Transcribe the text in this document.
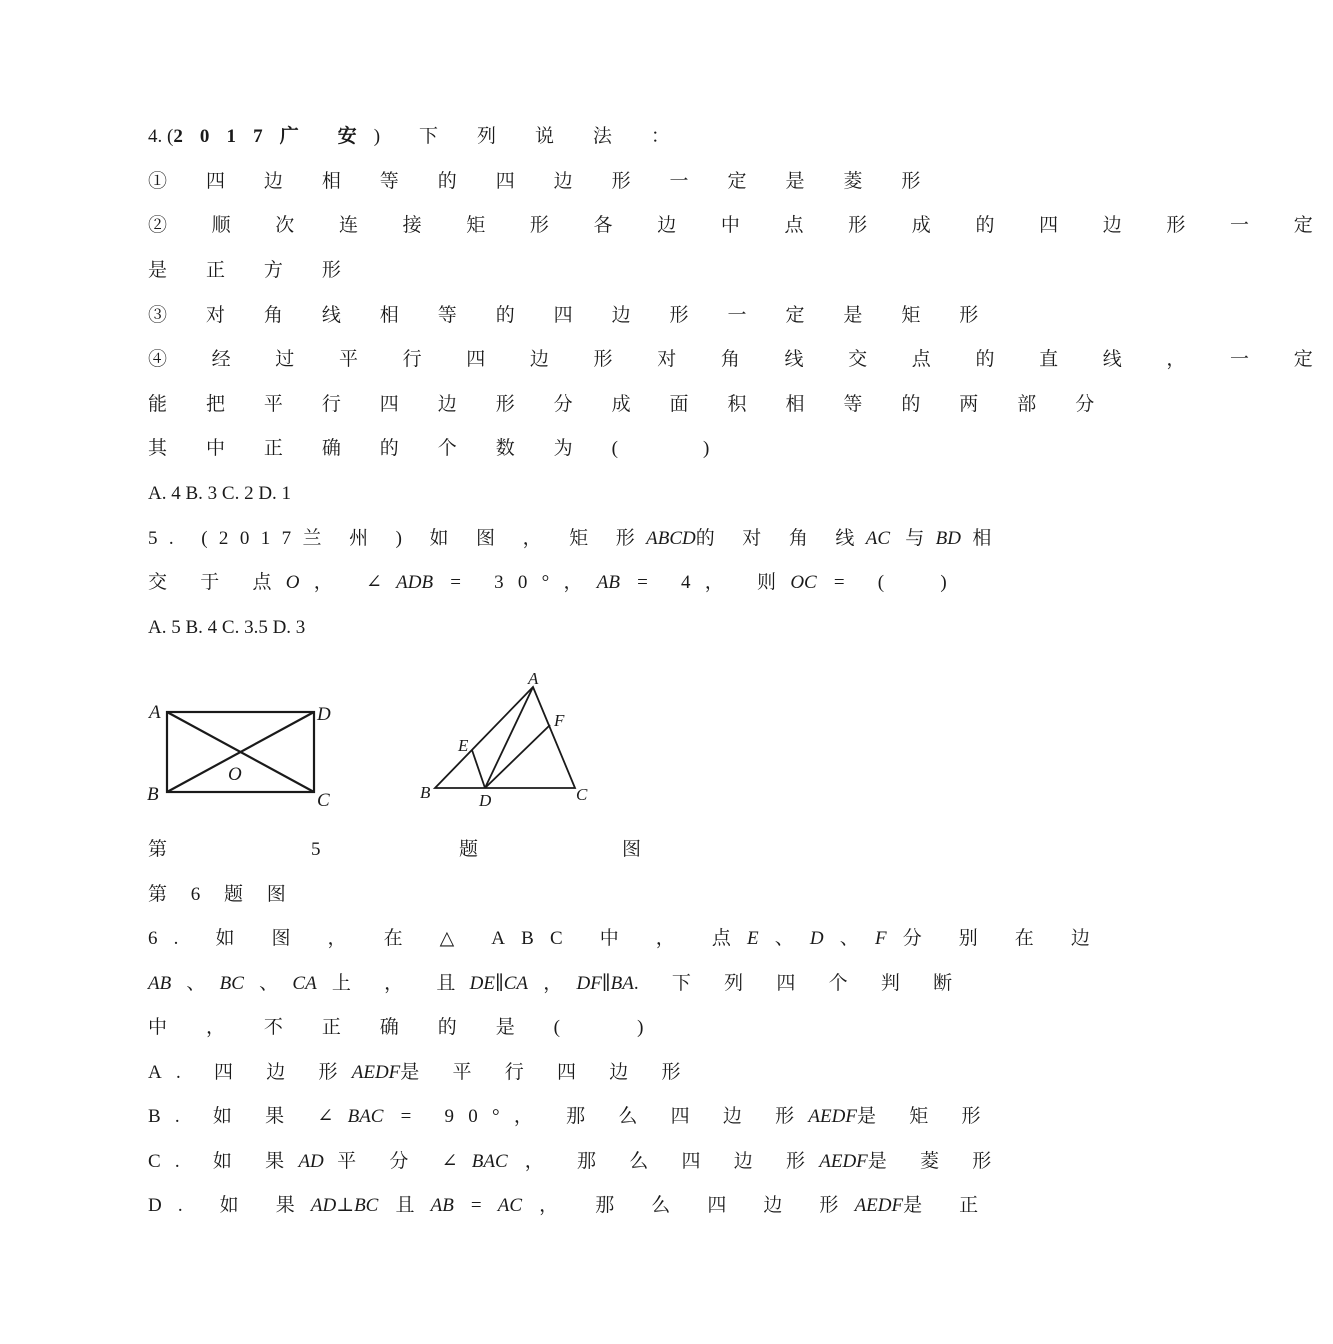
4. (2017广 安) 下 列 说 法 ：
① 四 边 相 等 的 四 边 形 一 定 是 菱 形
② 顺 次 连 接 矩 形 各 边 中 点 形 成 的 四 边 形 一 定
是 正 方 形
③ 对 角 线 相 等 的 四 边 形 一 定 是 矩 形
④ 经 过 平 行 四 边 形 对 角 线 交 点 的 直 线 ， 一 定
能 把 平 行 四 边 形 分 成 面 积 相 等 的 两 部 分
其 中 正 确 的 个 数 为 (	)
A. 4 B. 3 C. 2 D. 1
5. (2017兰 州 ) 如 图 ， 矩 形ABCD的 对 角 线AC 与BD 相
交 于 点O， ∠ADB = 30°，AB = 4， 则OC = ( )
A. 5 B. 4 C. 3.5 D. 3
A	D
B	C
O
A
B	C
D
E
F
第	5	题	图
第 6 题 图
6. 如 图 ， 在 △ ABC 中 ， 点E、D、F分 别 在 边
AB 、BC 、CA 上 ， 且DE∥CA ，DF∥BA. 下 列 四 个 判 断
中 ， 不 正 确 的 是 (	)
A. 四 边 形AEDF是 平 行 四 边 形
B. 如 果 ∠BAC = 90°， 那 么 四 边 形AEDF是 矩 形
C. 如 果AD 平 分 ∠BAC ， 那 么 四 边 形AEDF是 菱 形
D. 如 果AD⊥BC 且AB =AC ， 那 么 四 边 形AEDF是 正
